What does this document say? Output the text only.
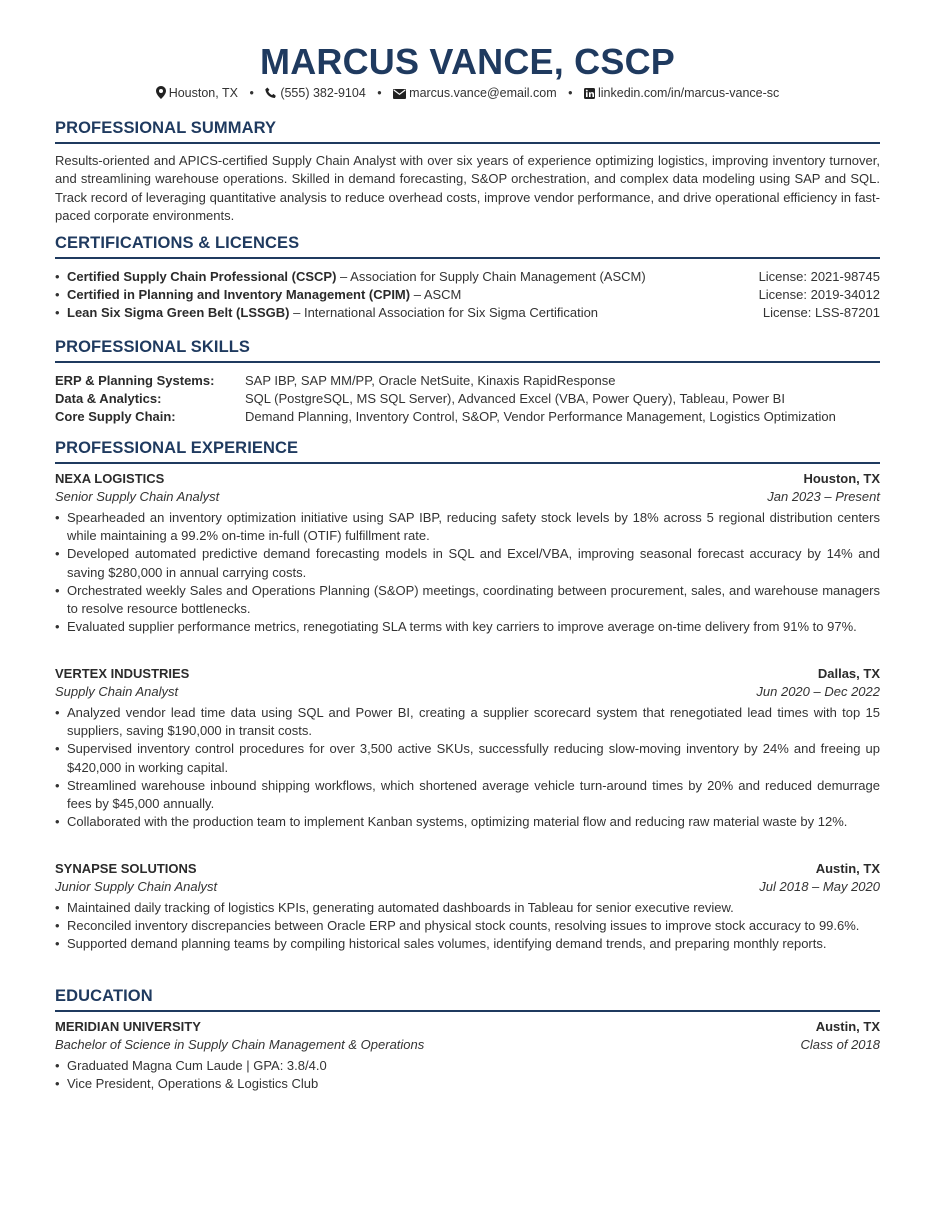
MARCUS VANCE, CSCP
Houston, TX • (555) 382-9104 • marcus.vance@email.com • linkedin.com/in/marcus-vance-sc
PROFESSIONAL SUMMARY
Results-oriented and APICS-certified Supply Chain Analyst with over six years of experience optimizing logistics, improving inventory turnover, and streamlining warehouse operations. Skilled in demand forecasting, S&OP orchestration, and complex data modeling using SAP and SQL. Track record of leveraging quantitative analysis to reduce overhead costs, improve vendor performance, and drive operational efficiency in fast-paced corporate environments.
CERTIFICATIONS & LICENCES
• Certified Supply Chain Professional (CSCP) – Association for Supply Chain Management (ASCM)	License: 2021-98745
• Certified in Planning and Inventory Management (CPIM) – ASCM	License: 2019-34012
• Lean Six Sigma Green Belt (LSSGB) – International Association for Six Sigma Certification	License: LSS-87201
PROFESSIONAL SKILLS
ERP & Planning Systems:	SAP IBP, SAP MM/PP, Oracle NetSuite, Kinaxis RapidResponse
Data & Analytics:	SQL (PostgreSQL, MS SQL Server), Advanced Excel (VBA, Power Query), Tableau, Power BI
Core Supply Chain:	Demand Planning, Inventory Control, S&OP, Vendor Performance Management, Logistics Optimization
PROFESSIONAL EXPERIENCE
NEXA LOGISTICS	Houston, TX
Senior Supply Chain Analyst	Jan 2023 – Present
• Spearheaded an inventory optimization initiative using SAP IBP, reducing safety stock levels by 18% across 5 regional distribution centers while maintaining a 99.2% on-time in-full (OTIF) fulfillment rate.
• Developed automated predictive demand forecasting models in SQL and Excel/VBA, improving seasonal forecast accuracy by 14% and saving $280,000 in annual carrying costs.
• Orchestrated weekly Sales and Operations Planning (S&OP) meetings, coordinating between procurement, sales, and warehouse managers to resolve resource bottlenecks.
• Evaluated supplier performance metrics, renegotiating SLA terms with key carriers to improve average on-time delivery from 91% to 97%.
VERTEX INDUSTRIES	Dallas, TX
Supply Chain Analyst	Jun 2020 – Dec 2022
• Analyzed vendor lead time data using SQL and Power BI, creating a supplier scorecard system that renegotiated lead times with top 15 suppliers, saving $190,000 in transit costs.
• Supervised inventory control procedures for over 3,500 active SKUs, successfully reducing slow-moving inventory by 24% and freeing up $420,000 in working capital.
• Streamlined warehouse inbound shipping workflows, which shortened average vehicle turn-around times by 20% and reduced demurrage fees by $45,000 annually.
• Collaborated with the production team to implement Kanban systems, optimizing material flow and reducing raw material waste by 12%.
SYNAPSE SOLUTIONS	Austin, TX
Junior Supply Chain Analyst	Jul 2018 – May 2020
• Maintained daily tracking of logistics KPIs, generating automated dashboards in Tableau for senior executive review.
• Reconciled inventory discrepancies between Oracle ERP and physical stock counts, resolving issues to improve stock accuracy to 99.6%.
• Supported demand planning teams by compiling historical sales volumes, identifying demand trends, and preparing monthly reports.
EDUCATION
MERIDIAN UNIVERSITY	Austin, TX
Bachelor of Science in Supply Chain Management & Operations	Class of 2018
• Graduated Magna Cum Laude | GPA: 3.8/4.0
• Vice President, Operations & Logistics Club
